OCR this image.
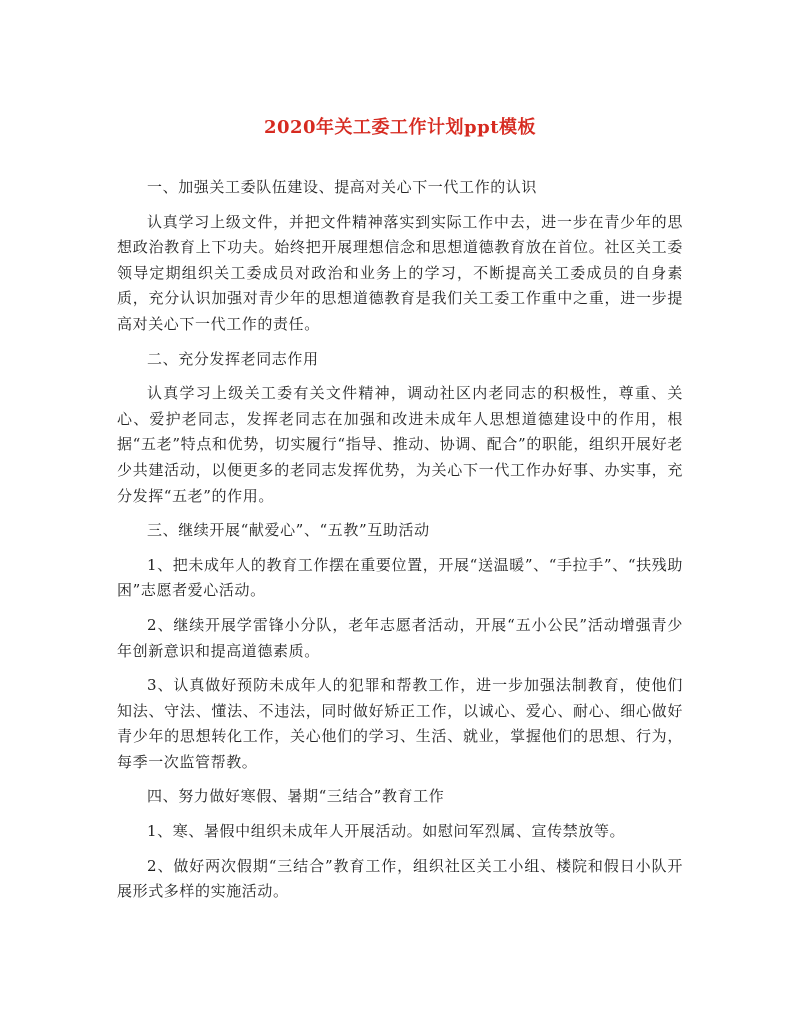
2020年关工委工作计划ppt模板

一、加强关工委队伍建设、提高对关心下一代工作的认识

认真学习上级文件，并把文件精神落实到实际工作中去，进一步在青少年的思想政治教育上下功夫。始终把开展理想信念和思想道德教育放在首位。社区关工委领导定期组织关工委成员对政治和业务上的学习，不断提高关工委成员的自身素质，充分认识加强对青少年的思想道德教育是我们关工委工作重中之重，进一步提高对关心下一代工作的责任。

二、充分发挥老同志作用

认真学习上级关工委有关文件精神，调动社区内老同志的积极性，尊重、关心、爱护老同志，发挥老同志在加强和改进未成年人思想道德建设中的作用，根据“五老”特点和优势，切实履行“指导、推动、协调、配合”的职能，组织开展好老少共建活动，以便更多的老同志发挥优势，为关心下一代工作办好事、办实事，充分发挥“五老”的作用。

三、继续开展“献爱心”、“五教”互助活动

1、把未成年人的教育工作摆在重要位置，开展“送温暖”、“手拉手”、“扶残助困”志愿者爱心活动。

2、继续开展学雷锋小分队，老年志愿者活动，开展“五小公民”活动增强青少年创新意识和提高道德素质。

3、认真做好预防未成年人的犯罪和帮教工作，进一步加强法制教育，使他们知法、守法、懂法、不违法，同时做好矫正工作，以诚心、爱心、耐心、细心做好青少年的思想转化工作，关心他们的学习、生活、就业，掌握他们的思想、行为，每季一次监管帮教。

四、努力做好寒假、暑期“三结合”教育工作

1、寒、暑假中组织未成年人开展活动。如慰问军烈属、宣传禁放等。

2、做好两次假期“三结合”教育工作，组织社区关工小组、楼院和假日小队开展形式多样的实施活动。
